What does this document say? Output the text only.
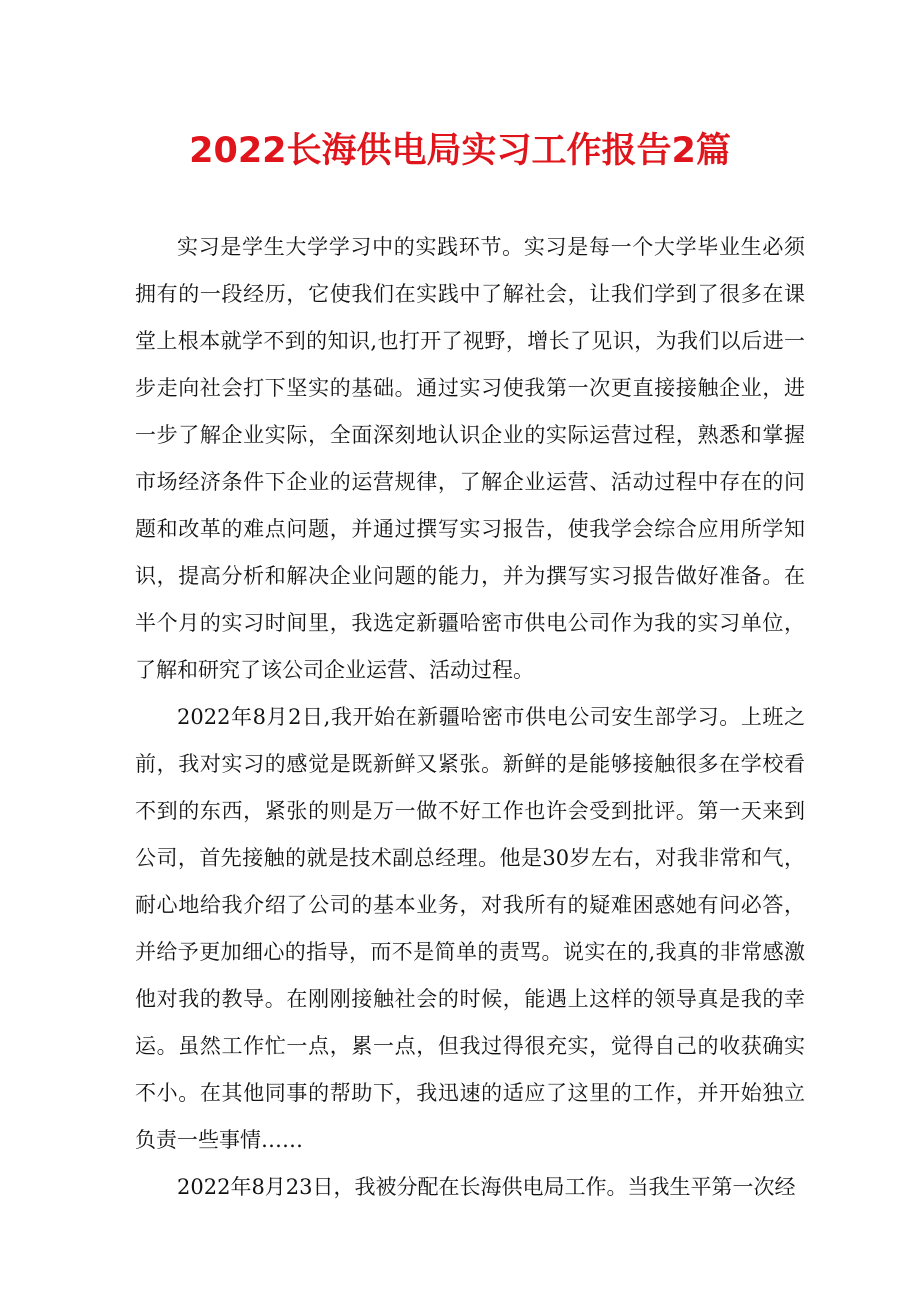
2022长海供电局实习工作报告2篇

实习是学生大学学习中的实践环节。实习是每一个大学毕业生必须拥有的一段经历，它使我们在实践中了解社会，让我们学到了很多在课堂上根本就学不到的知识,也打开了视野，增长了见识，为我们以后进一步走向社会打下坚实的基础。通过实习使我第一次更直接接触企业，进一步了解企业实际，全面深刻地认识企业的实际运营过程，熟悉和掌握市场经济条件下企业的运营规律，了解企业运营、活动过程中存在的问题和改革的难点问题，并通过撰写实习报告，使我学会综合应用所学知识，提高分析和解决企业问题的能力，并为撰写实习报告做好准备。在半个月的实习时间里，我选定新疆哈密市供电公司作为我的实习单位，了解和研究了该公司企业运营、活动过程。

2022年8月2日,我开始在新疆哈密市供电公司安生部学习。上班之前，我对实习的感觉是既新鲜又紧张。新鲜的是能够接触很多在学校看不到的东西，紧张的则是万一做不好工作也许会受到批评。第一天来到公司，首先接触的就是技术副总经理。他是30岁左右，对我非常和气，耐心地给我介绍了公司的基本业务，对我所有的疑难困惑她有问必答，并给予更加细心的指导，而不是简单的责骂。说实在的,我真的非常感激他对我的教导。在刚刚接触社会的时候，能遇上这样的领导真是我的幸运。虽然工作忙一点，累一点，但我过得很充实，觉得自己的收获确实不小。在其他同事的帮助下，我迅速的适应了这里的工作，并开始独立负责一些事情……

2022年8月23日，我被分配在长海供电局工作。当我生平第一次经
